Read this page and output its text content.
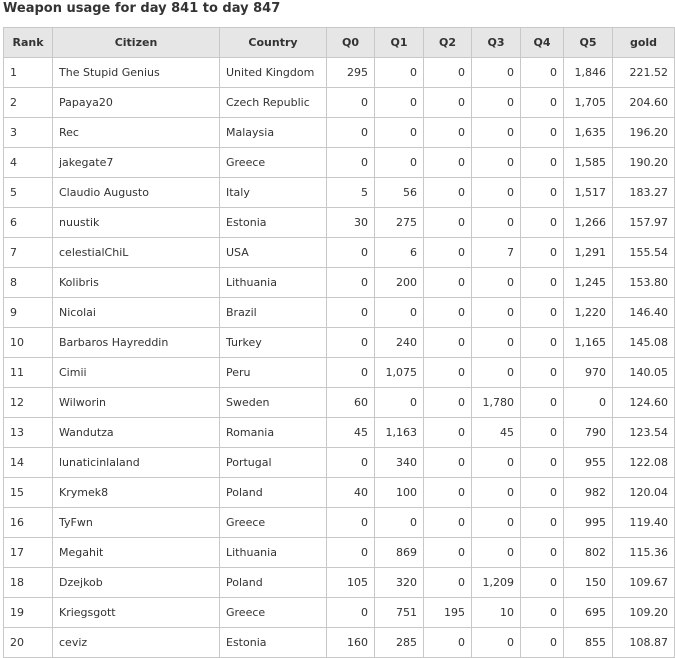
Weapon usage for day 841 to day 847
Rank	Citizen	Country	Q0	Q1	Q2	Q3	Q4	Q5	gold
1	The Stupid Genius	United Kingdom	295	0	0	0	0	1,846	221.52
2	Papaya20	Czech Republic	0	0	0	0	0	1,705	204.60
3	Rec	Malaysia	0	0	0	0	0	1,635	196.20
4	jakegate7	Greece	0	0	0	0	0	1,585	190.20
5	Claudio Augusto	Italy	5	56	0	0	0	1,517	183.27
6	nuustik	Estonia	30	275	0	0	0	1,266	157.97
7	celestialChiL	USA	0	6	0	7	0	1,291	155.54
8	Kolibris	Lithuania	0	200	0	0	0	1,245	153.80
9	Nicolai	Brazil	0	0	0	0	0	1,220	146.40
10	Barbaros Hayreddin	Turkey	0	240	0	0	0	1,165	145.08
11	Cimii	Peru	0	1,075	0	0	0	970	140.05
12	Wilworin	Sweden	60	0	0	1,780	0	0	124.60
13	Wandutza	Romania	45	1,163	0	45	0	790	123.54
14	lunaticinlaland	Portugal	0	340	0	0	0	955	122.08
15	Krymek8	Poland	40	100	0	0	0	982	120.04
16	TyFwn	Greece	0	0	0	0	0	995	119.40
17	Megahit	Lithuania	0	869	0	0	0	802	115.36
18	Dzejkob	Poland	105	320	0	1,209	0	150	109.67
19	Kriegsgott	Greece	0	751	195	10	0	695	109.20
20	ceviz	Estonia	160	285	0	0	0	855	108.87
